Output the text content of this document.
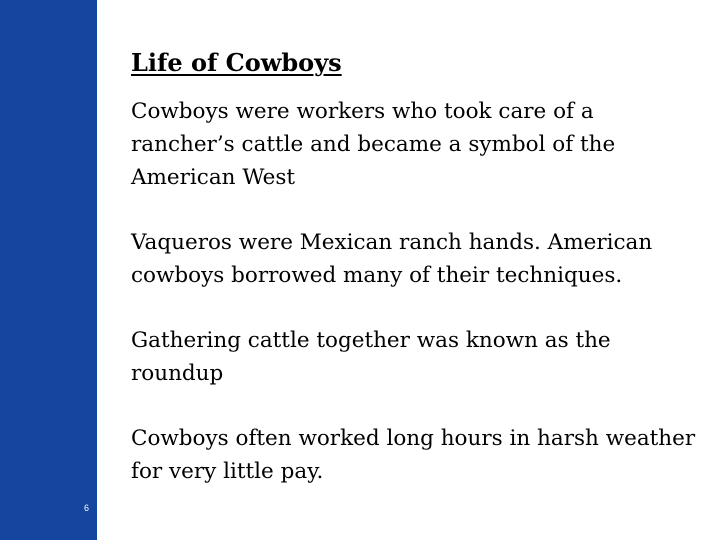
6
Life of Cowboys

Cowboys were workers who took care of a rancher’s cattle and became a symbol of the American West

Vaqueros were Mexican ranch hands. American cowboys borrowed many of their techniques.

Gathering cattle together was known as the roundup

Cowboys often worked long hours in harsh weather for very little pay.
